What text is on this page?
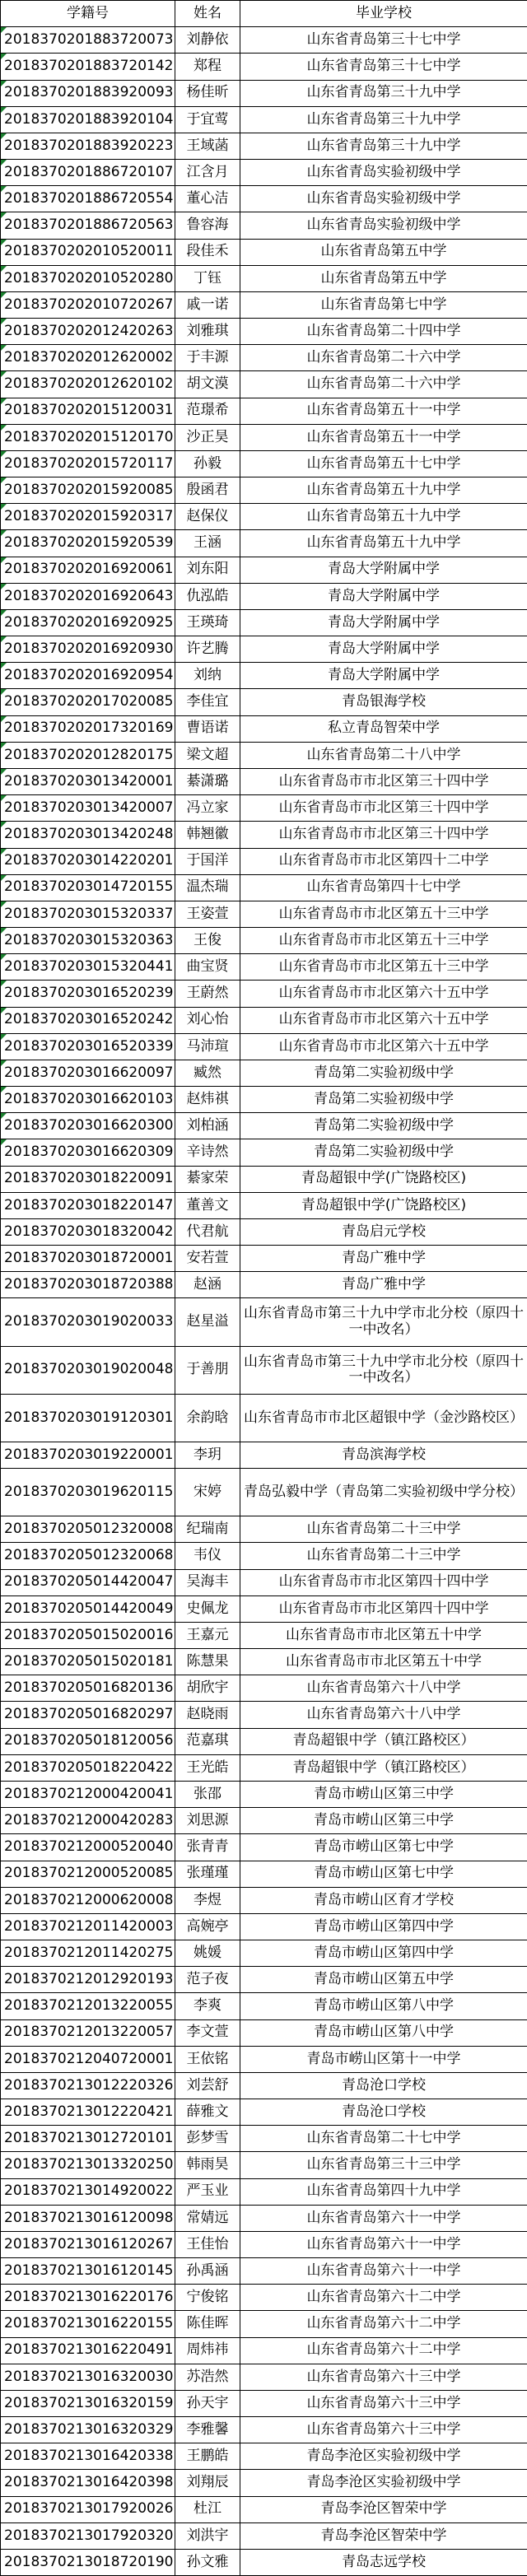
学籍号	姓名	毕业学校

2018370201883720073	刘静依	山东省青岛第三十七中学

2018370201883720142	郑程	山东省青岛第三十七中学

2018370201883920093	杨佳昕	山东省青岛第三十九中学

2018370201883920104	于宜莺	山东省青岛第三十九中学

2018370201883920223	王域菡	山东省青岛第三十九中学

2018370201886720107	江含月	山东省青岛实验初级中学

2018370201886720554	董心洁	山东省青岛实验初级中学

2018370201886720563	鲁容海	山东省青岛实验初级中学

2018370202010520011	段佳禾	山东省青岛第五中学

2018370202010520280	丁钰	山东省青岛第五中学

2018370202010720267	戚一诺	山东省青岛第七中学

2018370202012420263	刘雅琪	山东省青岛第二十四中学

2018370202012620002	于丰源	山东省青岛第二十六中学

2018370202012620102	胡文漠	山东省青岛第二十六中学

2018370202015120031	范璟希	山东省青岛第五十一中学

2018370202015120170	沙正昊	山东省青岛第五十一中学

2018370202015720117	孙毅	山东省青岛第五十七中学

2018370202015920085	殷函君	山东省青岛第五十九中学

2018370202015920317	赵保仪	山东省青岛第五十九中学

2018370202015920539	王涵	山东省青岛第五十九中学

2018370202016920061	刘东阳	青岛大学附属中学

2018370202016920643	仇泓皓	青岛大学附属中学

2018370202016920925	王瑛琦	青岛大学附属中学

2018370202016920930	许艺腾	青岛大学附属中学

2018370202016920954	刘纳	青岛大学附属中学

2018370202017020085	李佳宜	青岛银海学校

2018370202017320169	曹语诺	私立青岛智荣中学

2018370202012820175	梁文超	山东省青岛第二十八中学

2018370203013420001	綦潇璐	山东省青岛市市北区第三十四中学

2018370203013420007	冯立家	山东省青岛市市北区第三十四中学

2018370203013420248	韩翘徽	山东省青岛市市北区第三十四中学

2018370203014220201	于国洋	山东省青岛市市北区第四十二中学

2018370203014720155	温杰瑞	山东省青岛第四十七中学

2018370203015320337	王姿萱	山东省青岛市市北区第五十三中学

2018370203015320363	王俊	山东省青岛市市北区第五十三中学

2018370203015320441	曲宝贤	山东省青岛市市北区第五十三中学

2018370203016520239	王蔚然	山东省青岛市市北区第六十五中学

2018370203016520242	刘心怡	山东省青岛市市北区第六十五中学

2018370203016520339	马沛瑄	山东省青岛市市北区第六十五中学

2018370203016620097	臧然	青岛第二实验初级中学

2018370203016620103	赵炜祺	青岛第二实验初级中学

2018370203016620300	刘柏涵	青岛第二实验初级中学

2018370203016620309	辛诗然	青岛第二实验初级中学
2018370203018220091	綦家荣	青岛超银中学(广饶路校区)
2018370203018220147	董善文	青岛超银中学(广饶路校区)
2018370203018320042	代君航	青岛启元学校
2018370203018720001	安若萱	青岛广雅中学
2018370203018720388	赵涵	青岛广雅中学
2018370203019020033	赵星溢	山东省青岛市第三十九中学市北分校（原四十一中改名）
2018370203019020048	于善朋	山东省青岛市第三十九中学市北分校（原四十一中改名）
2018370203019120301	余韵晗	山东省青岛市市北区超银中学（金沙路校区）
2018370203019220001	李玥	青岛滨海学校
2018370203019620115	宋婷	青岛弘毅中学（青岛第二实验初级中学分校）
2018370205012320008	纪瑞南	山东省青岛第二十三中学
2018370205012320068	韦仪	山东省青岛第二十三中学
2018370205014420047	吴海丰	山东省青岛市市北区第四十四中学
2018370205014420049	史佩龙	山东省青岛市市北区第四十四中学
2018370205015020016	王嘉元	山东省青岛市市北区第五十中学
2018370205015020181	陈慧果	山东省青岛市市北区第五十中学
2018370205016820136	胡欣宇	山东省青岛第六十八中学
2018370205016820297	赵晓雨	山东省青岛第六十八中学
2018370205018120056	范嘉琪	青岛超银中学（镇江路校区）
2018370205018220422	王光皓	青岛超银中学（镇江路校区）
2018370212000420041	张邵	青岛市崂山区第三中学
2018370212000420283	刘思源	青岛市崂山区第三中学
2018370212000520040	张青青	青岛市崂山区第七中学
2018370212000520085	张瑾瑾	青岛市崂山区第七中学
2018370212000620008	李煜	青岛市崂山区育才学校
2018370212011420003	高婉亭	青岛市崂山区第四中学
2018370212011420275	姚媛	青岛市崂山区第四中学
2018370212012920193	范子夜	青岛市崂山区第五中学
2018370212013220055	李爽	青岛市崂山区第八中学
2018370212013220057	李文萱	青岛市崂山区第八中学
2018370212040720001	王依铭	青岛市崂山区第十一中学
2018370213012220326	刘芸舒	青岛沧口学校
2018370213012220421	薛雅文	青岛沧口学校
2018370213012720101	彭梦雪	山东省青岛第二十七中学
2018370213013320250	韩雨昊	山东省青岛第三十三中学
2018370213014920022	严玉业	山东省青岛第四十九中学
2018370213016120098	常婧远	山东省青岛第六十一中学
2018370213016120267	王佳怡	山东省青岛第六十一中学
2018370213016120145	孙禹涵	山东省青岛第六十一中学
2018370213016220176	宁俊铭	山东省青岛第六十二中学
2018370213016220155	陈佳晖	山东省青岛第六十二中学
2018370213016220491	周炜祎	山东省青岛第六十二中学
2018370213016320030	苏浩然	山东省青岛第六十三中学
2018370213016320159	孙天宇	山东省青岛第六十三中学
2018370213016320329	李雅馨	山东省青岛第六十三中学
2018370213016420338	王鹏皓	青岛李沧区实验初级中学
2018370213016420398	刘翔辰	青岛李沧区实验初级中学
2018370213017920026	杜江	青岛李沧区智荣中学
2018370213017920320	刘洪宇	青岛李沧区智荣中学
2018370213018720190	孙文雅	青岛志远学校
